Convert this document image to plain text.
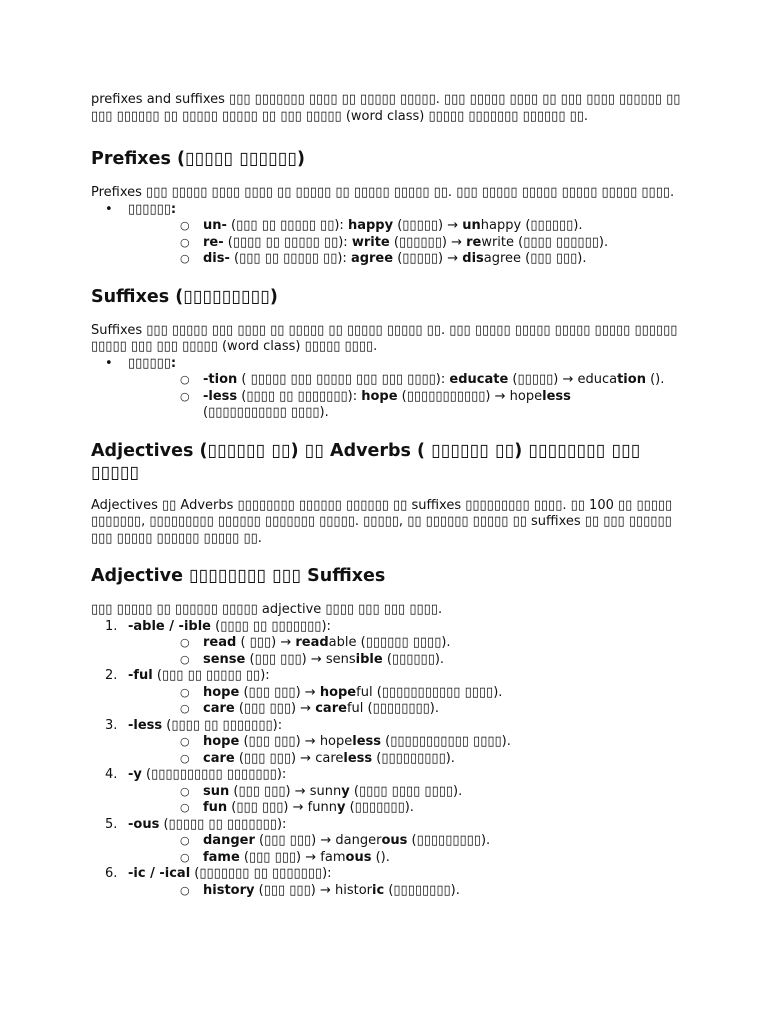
prefixes and suffixes ▯▯▯ ▯▯▯▯▯▯▯ ▯▯▯▯ ▯▯ ▯▯▯▯▯ ▯▯▯▯▯. ▯▯▯ ▯▯▯▯▯ ▯▯▯▯ ▯▯ ▯▯▯ ▯▯▯▯ ▯▯▯▯▯▯ ▯▯ ▯▯▯ ▯▯▯▯▯▯ ▯▯ ▯▯▯▯▯ ▯▯▯▯▯ ▯▯ ▯▯▯ ▯▯▯▯▯ (word class) ▯▯▯▯▯ ▯▯▯▯▯▯▯ ▯▯▯▯▯▯ ▯▯.

Prefixes (▯▯▯▯▯ ▯▯▯▯▯▯)

Prefixes ▯▯▯ ▯▯▯▯▯ ▯▯▯▯ ▯▯▯▯ ▯▯ ▯▯▯▯▯ ▯▯ ▯▯▯▯▯ ▯▯▯▯▯ ▯▯. ▯▯▯ ▯▯▯▯▯ ▯▯▯▯▯ ▯▯▯▯▯ ▯▯▯▯▯ ▯▯▯▯.

• ▯▯▯▯▯▯:
○ un- (▯▯▯ ▯▯ ▯▯▯▯▯ ▯▯): happy (▯▯▯▯▯) → unhappy (▯▯▯▯▯▯).
○ re- (▯▯▯▯ ▯▯ ▯▯▯▯▯ ▯▯): write (▯▯▯▯▯▯) → rewrite (▯▯▯▯ ▯▯▯▯▯▯).
○ dis- (▯▯▯ ▯▯ ▯▯▯▯▯ ▯▯): agree (▯▯▯▯▯) → disagree (▯▯▯ ▯▯▯).
Suffixes (▯▯▯▯▯▯▯▯▯)

Suffixes ▯▯▯ ▯▯▯▯▯ ▯▯▯ ▯▯▯▯ ▯▯ ▯▯▯▯▯ ▯▯ ▯▯▯▯▯ ▯▯▯▯▯ ▯▯. ▯▯▯ ▯▯▯▯▯ ▯▯▯▯▯ ▯▯▯▯▯ ▯▯▯▯▯ ▯▯▯▯▯▯ ▯▯▯▯▯ ▯▯▯ ▯▯▯ ▯▯▯▯▯ (word class) ▯▯▯▯▯ ▯▯▯▯.

• ▯▯▯▯▯▯:
○ -tion ( ▯▯▯▯▯ ▯▯▯ ▯▯▯▯▯ ▯▯▯ ▯▯▯ ▯▯▯▯): educate (▯▯▯▯▯) → education ().
○ -less (▯▯▯▯ ▯▯ ▯▯▯▯▯▯▯): hope (▯▯▯▯▯▯▯▯▯▯▯) → hopeless
(▯▯▯▯▯▯▯▯▯▯▯ ▯▯▯▯).
Adjectives (▯▯▯▯▯▯ ▯▯) ▯▯ Adverbs ( ▯▯▯▯▯▯ ▯▯) ▯▯▯▯▯▯▯▯ ▯▯▯ ▯▯▯▯▯

Adjectives ▯▯ Adverbs ▯▯▯▯▯▯▯▯ ▯▯▯▯▯▯ ▯▯▯▯▯▯ ▯▯ suffixes ▯▯▯▯▯▯▯▯▯ ▯▯▯▯. ▯▯ 100 ▯▯ ▯▯▯▯▯ ▯▯▯▯▯▯▯, ▯▯▯▯▯▯▯▯▯ ▯▯▯▯▯▯ ▯▯▯▯▯▯▯ ▯▯▯▯▯. ▯▯▯▯▯, ▯▯ ▯▯▯▯▯▯ ▯▯▯▯▯ ▯▯ suffixes ▯▯ ▯▯▯ ▯▯▯▯▯▯ ▯▯▯ ▯▯▯▯▯ ▯▯▯▯▯▯ ▯▯▯▯▯ ▯▯.

Adjective ▯▯▯▯▯▯▯▯ ▯▯▯ Suffixes

▯▯▯ ▯▯▯▯▯ ▯▯ ▯▯▯▯▯▯ ▯▯▯▯▯ adjective ▯▯▯▯ ▯▯▯ ▯▯▯ ▯▯▯▯.

1. -able / -ible (▯▯▯▯ ▯▯ ▯▯▯▯▯▯▯):
○ read ( ▯▯▯) → readable (▯▯▯▯▯▯ ▯▯▯▯).
○ sense (▯▯▯ ▯▯▯) → sensible (▯▯▯▯▯▯).
2. -ful (▯▯▯ ▯▯ ▯▯▯▯▯ ▯▯):
○ hope (▯▯▯ ▯▯▯) → hopeful (▯▯▯▯▯▯▯▯▯▯▯ ▯▯▯▯).
○ care (▯▯▯ ▯▯▯) → careful (▯▯▯▯▯▯▯▯).
3. -less (▯▯▯▯ ▯▯ ▯▯▯▯▯▯▯):
○ hope (▯▯▯ ▯▯▯) → hopeless (▯▯▯▯▯▯▯▯▯▯▯ ▯▯▯▯).
○ care (▯▯▯ ▯▯▯) → careless (▯▯▯▯▯▯▯▯▯).
4. -y (▯▯▯▯▯▯▯▯▯▯ ▯▯▯▯▯▯▯):
○ sun (▯▯▯ ▯▯▯) → sunny (▯▯▯▯ ▯▯▯▯ ▯▯▯▯).
○ fun (▯▯▯ ▯▯▯) → funny (▯▯▯▯▯▯▯).
5. -ous (▯▯▯▯▯ ▯▯ ▯▯▯▯▯▯▯):
○ danger (▯▯▯ ▯▯▯) → dangerous (▯▯▯▯▯▯▯▯▯).
○ fame (▯▯▯ ▯▯▯) → famous ().
6. -ic / -ical (▯▯▯▯▯▯▯ ▯▯ ▯▯▯▯▯▯▯):
○ history (▯▯▯ ▯▯▯) → historic (▯▯▯▯▯▯▯▯).
